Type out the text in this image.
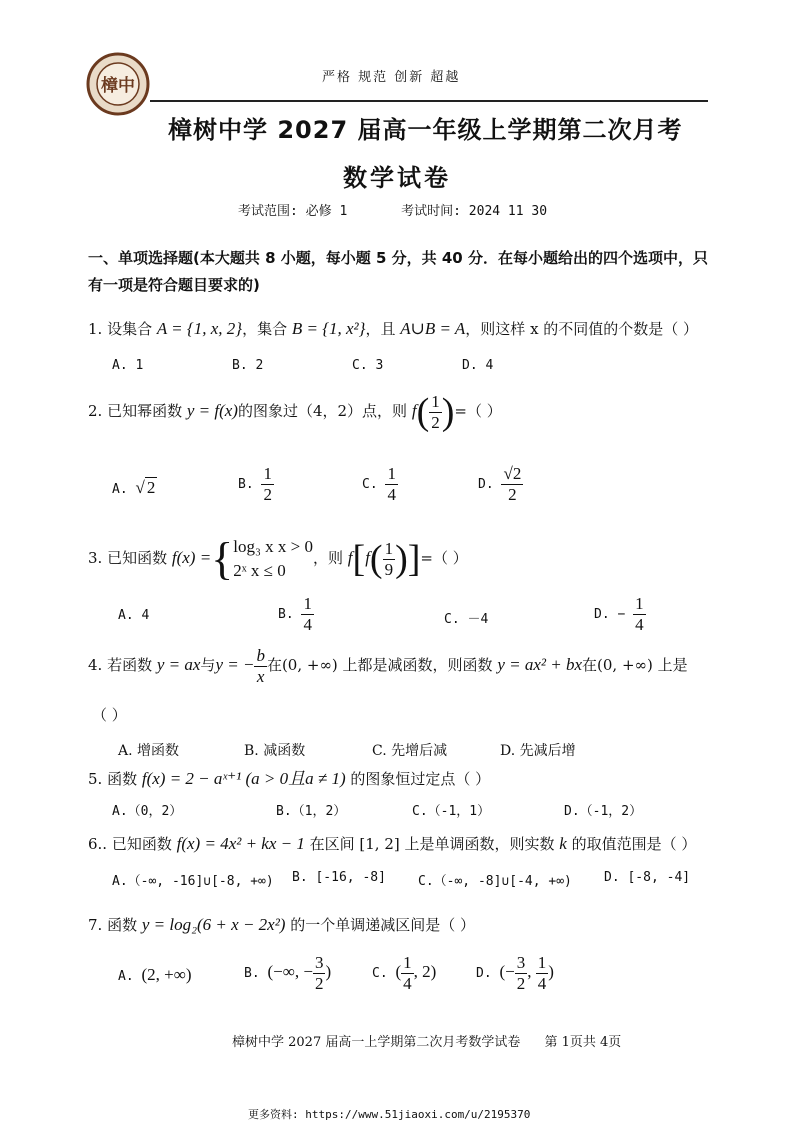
樟中	严格 规范 创新 超越
樟树中学 2027 届高一年级上学期第二次月考
数学试卷
考试范围: 必修 1	考试时间: 2024 11 30
一、单项选择题(本大题共 8 小题，每小题 5 分，共 40 分．在每小题给出的四个选项中，只有一项是符合题目要求的)
1. 设集合 A = {1, x, 2}，集合 B = {1, x²}，且 A∪B = A，则这样 x 的不同值的个数是（ ）
A. 1	B. 2	C. 3	D. 4
2. 已知幂函数 y = f(x)的图象过（4，2）点，则 $f( \frac{1}{2}$ )=（ ）
A. √ 2	B. $\frac{1}{2}$	C. $\frac{1}{4}$	D. $\frac{√2}{2}$
3. 已知函数 f(x) ={ log₃ x x > 0
2ˣ x ≤ 0
，则 $f[f( \frac{1}{9}$ )]=（ ）
A. 4	B. $\frac{1}{4}$	C. －4	D. − $\frac{1}{4}$
4. 若函数 y = ax与y = − $\frac{b}{x}$ 在(0, +∞) 上都是减函数，则函数 y = ax² + bx在(0, +∞) 上是
（ ）
A. 增函数	B. 减函数	C. 先增后减	D. 先减后增
5. 函数 f(x) = 2 − aˣ⁺¹ (a > 0且a ≠ 1) 的图象恒过定点（ ）
A.（0，2）	B.（1，2）	C.（-1，1）	D.（-1，2）
6.. 已知函数 f(x) = 4x² + kx − 1 在区间 [1, 2] 上是单调函数，则实数 k 的取值范围是（ ）
A.（-∞, -16]∪[-8, +∞) B. [-16, -8] C.（-∞, -8]∪[-4, +∞) D. [-8, -4]
7. 函数 y = log₂(6 + x − 2x²) 的一个单调递减区间是（ ）
A. (2, +∞)	B. (−∞, − $\frac{3}{2}$ )	C. ( $\frac{1}{4}$ , 2)	D. (− $\frac{3}{2}$ , $\frac{1}{4}$ )
樟树中学 2027 届高一上学期第二次月考数学试卷 第 1页共 4页
更多资料: https://www.51jiaoxi.com/u/2195370
